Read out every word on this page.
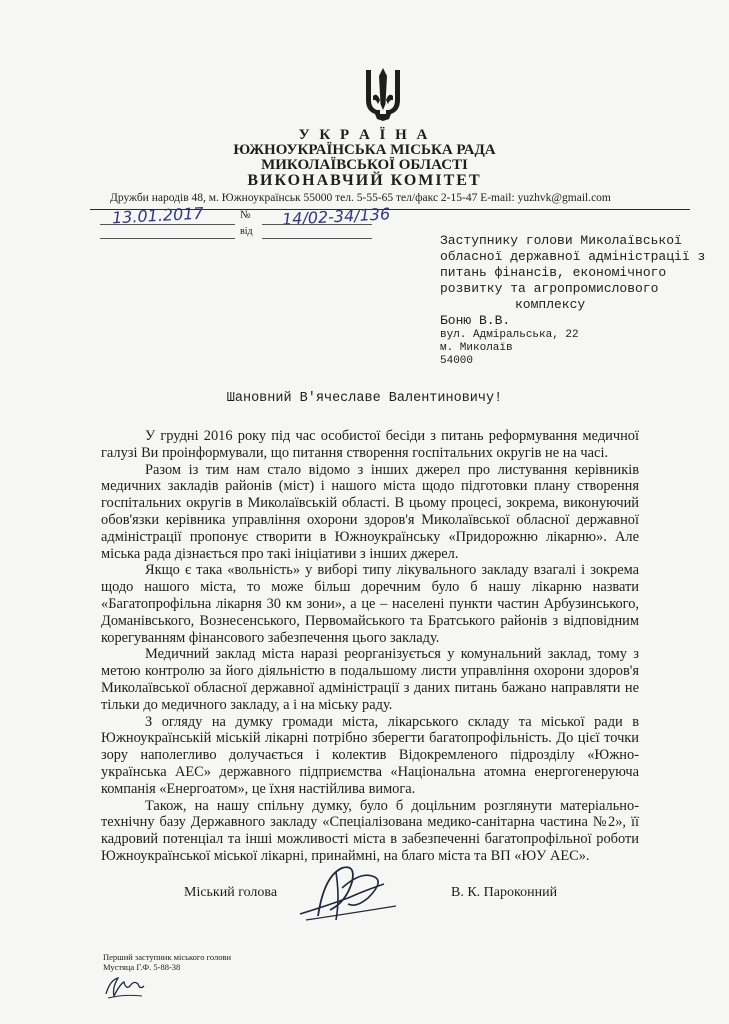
У К Р А Ї Н А
ЮЖНОУКРАЇНСЬКА МІСЬКА РАДА
МИКОЛАЇВСЬКОЇ ОБЛАСТІ
ВИКОНАВЧИЙ КОМІТЕТ
Дружби народів 48, м. Южноукраїнськ 55000 тел. 5-55-65 тел/факс 2-15-47 E-mail: yuzhvk@gmail.com
13.01.2017	№ 14/02-34/136
від
Заступнику голови Миколаївської
обласної державної адміністрації з
питань фінансів, економічного
розвитку та агропромислового
комплексу
Боню В.В.
вул. Адміральська, 22
м. Миколаїв
54000
Шановний В'ячеславе Валентиновичу!

У грудні 2016 року під час особистої бесіди з питань реформування медичної галузі Ви проінформували, що питання створення госпітальних округів не на часі.

Разом із тим нам стало відомо з інших джерел про листування керівників медичних закладів районів (міст) і нашого міста щодо підготовки плану створення госпітальних округів в Миколаївській області. В цьому процесі, зокрема, виконуючий обов'язки керівника управління охорони здоров'я Миколаївської обласної державної адміністрації пропонує створити в Южноукраїнську «Придорожню лікарню». Але міська рада дізнається про такі ініціативи з інших джерел.

Якщо є така «вольність» у виборі типу лікувального закладу взагалі і зокрема щодо нашого міста, то може більш доречним було б нашу лікарню назвати «Багатопрофільна лікарня 30 км зони», а це – населені пункти частин Арбузинського, Доманівського, Вознесенського, Первомайського та Братського районів з відповідним корегуванням фінансового забезпечення цього закладу.

Медичний заклад міста наразі реорганізується у комунальний заклад, тому з метою контролю за його діяльністю в подальшому листи управління охорони здоров'я Миколаївської обласної державної адміністрації з даних питань бажано направляти не тільки до медичного закладу, а і на міську раду.

З огляду на думку громади міста, лікарського складу та міської ради в Южноукраїнській міській лікарні потрібно зберегти багатопрофільність. До цієї точки зору наполегливо долучається і колектив Відокремленого підрозділу «Южно-українська АЕС» державного підприємства «Національна атомна енергогенеруюча компанія «Енергоатом», це їхня настійлива вимога.

Також, на нашу спільну думку, було б доцільним розглянути матеріально-технічну базу Державного закладу «Спеціалізована медико-санітарна частина №2», її кадровий потенціал та інші можливості міста в забезпеченні багатопрофільної роботи Южноукраїнської міської лікарні, принаймні, на благо міста та ВП «ЮУ АЕС».

Міський голова	В. К. Пароконний
Перший заступник міського голови
Мустяца Г.Ф. 5-88-38
